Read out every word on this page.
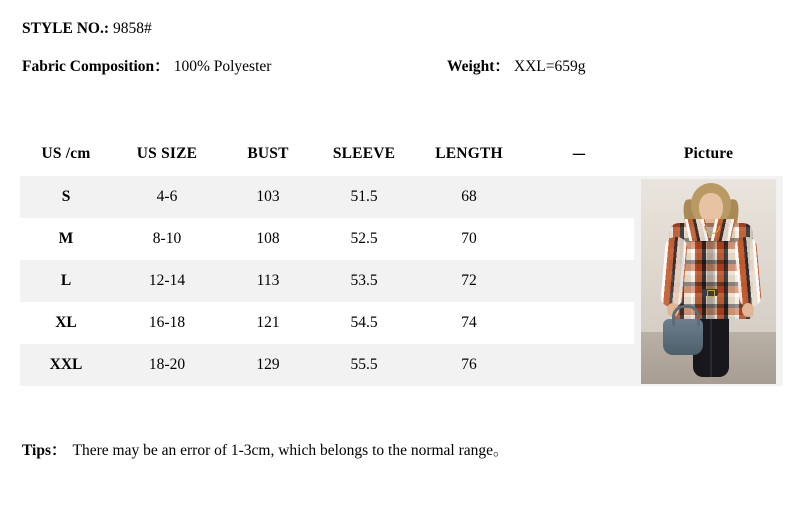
STYLE NO.: 9858#
Fabric Composition： 100% Polyester	Weight： XXL=659g
US /cm	US SIZE	BUST	SLEEVE	LENGTH	－	Picture
S	4-6	103	51.5	68		

M	8-10	108	52.5	70		
L	12-14	113	53.5	72		
XL	16-18	121	54.5	74		
XXL	18-20	129	55.5	76		
Tips： There may be an error of 1-3cm, which belongs to the normal range。
